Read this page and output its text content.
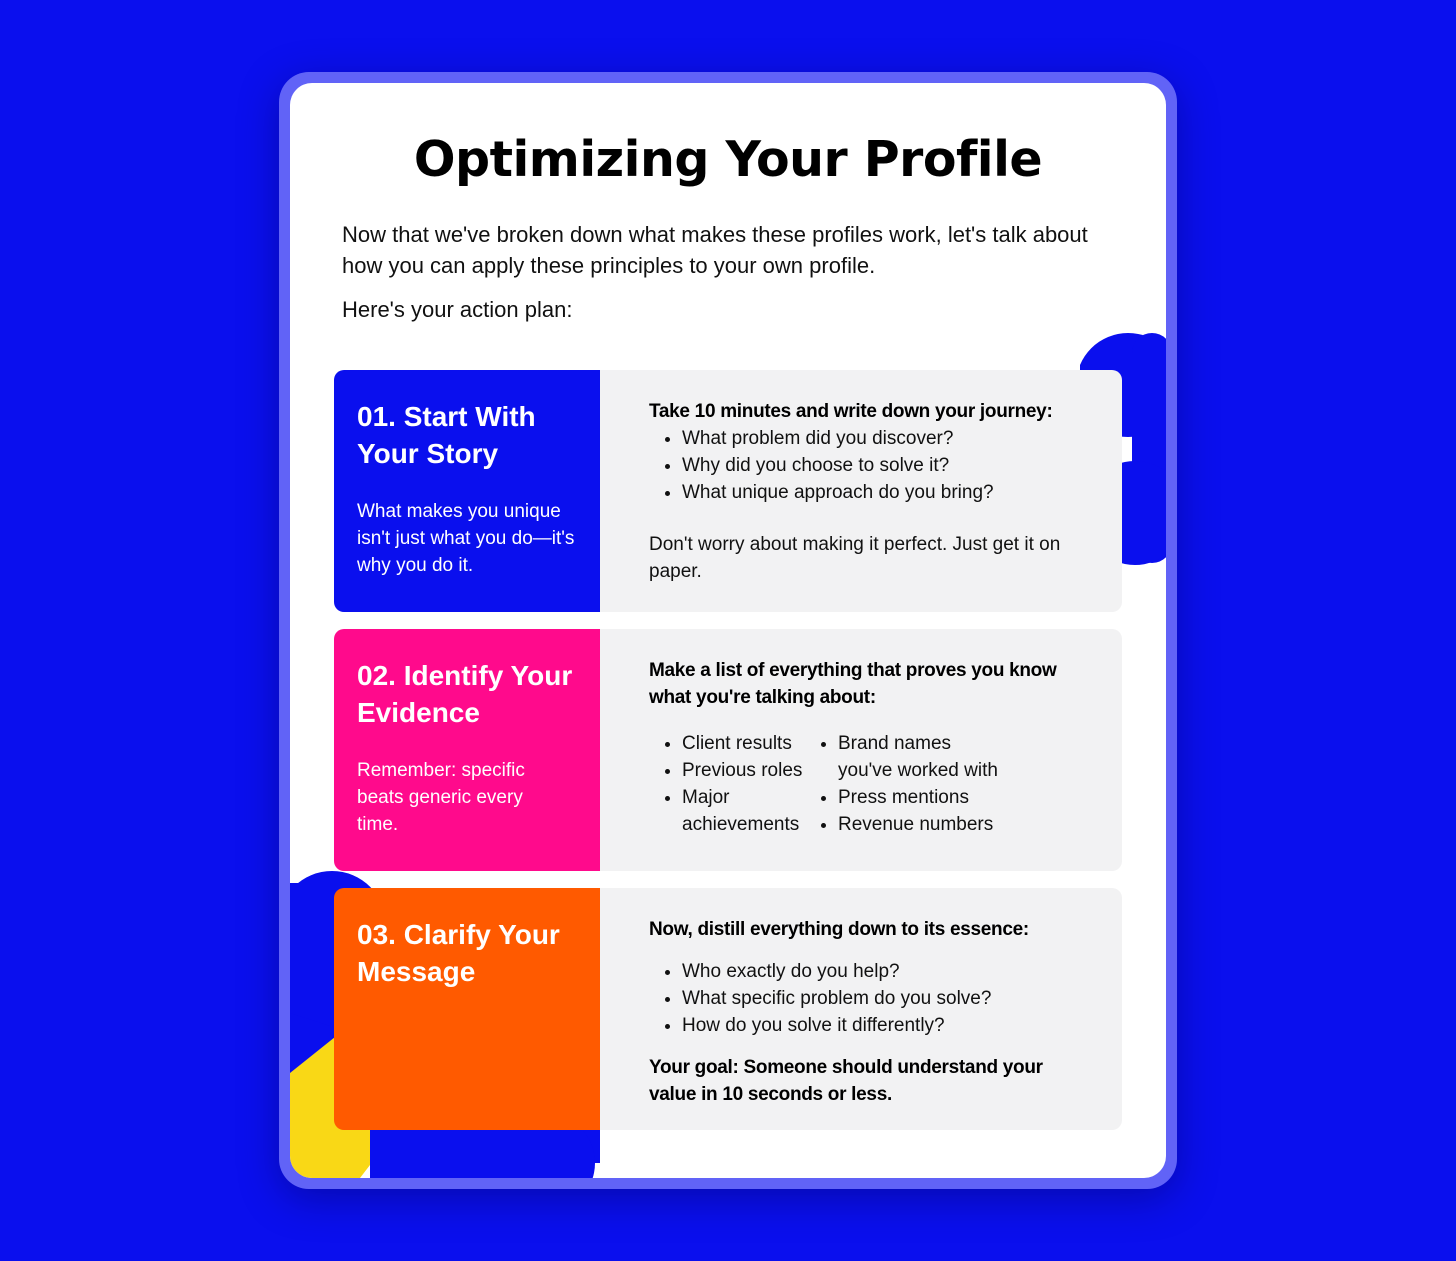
Optimizing Your Profile

Now that we've broken down what makes these profiles work, let's talk about how you can apply these principles to your own profile.

Here's your action plan:

01. Start With Your Story

What makes you unique isn't just what you do—it's why you do it.

Take 10 minutes and write down your journey:

What problem did you discover?
Why did you choose to solve it?
What unique approach do you bring?

Don't worry about making it perfect. Just get it on paper.

02. Identify Your Evidence

Remember: specific beats generic every time.

Make a list of everything that proves you know what you're talking about:

Client results
Previous roles
Major achievements
Brand names you've worked with
Press mentions
Revenue numbers
03. Clarify Your Message

Now, distill everything down to its essence:

Who exactly do you help?
What specific problem do you solve?
How do you solve it differently?

Your goal: Someone should understand your value in 10 seconds or less.
